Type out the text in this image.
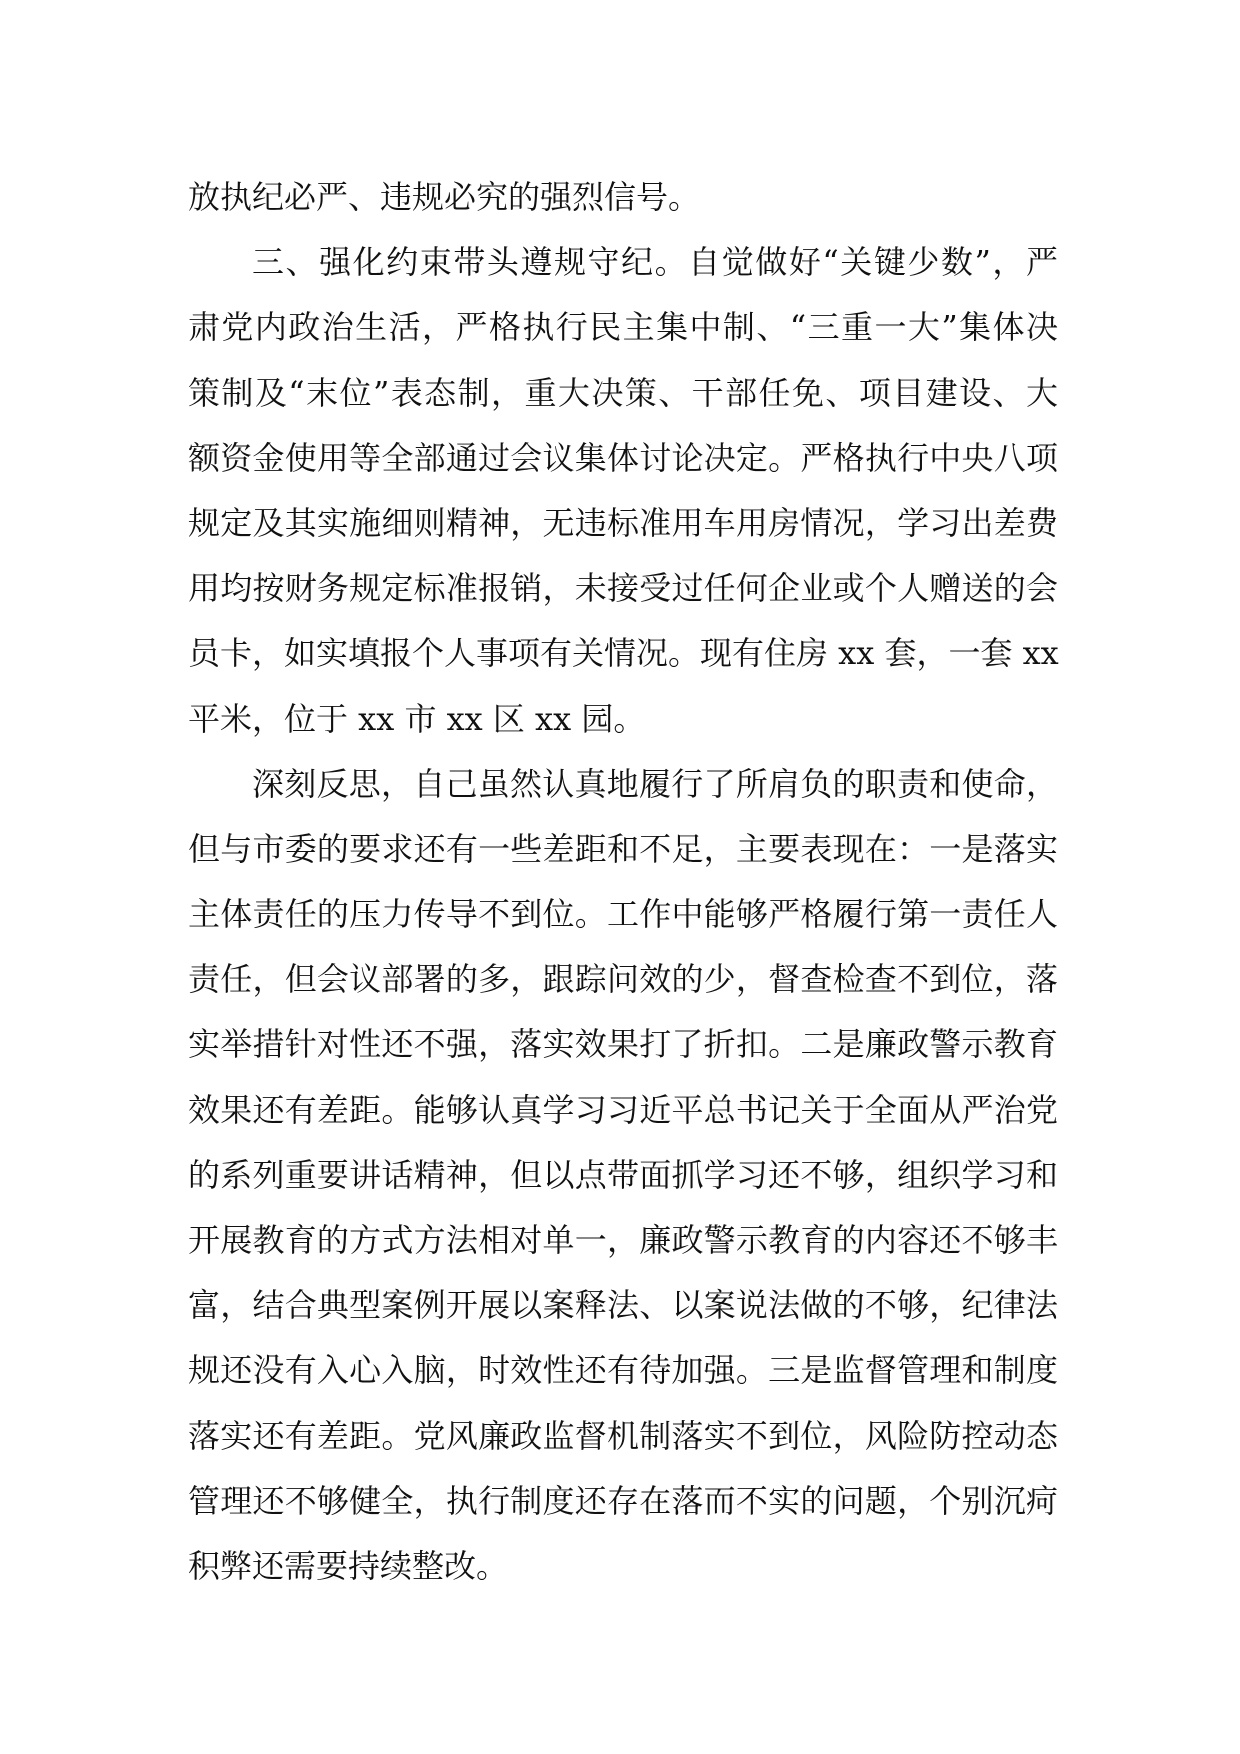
放执纪必严、违规必究的强烈信号。
三、强化约束带头遵规守纪。自觉做好“关键少数”，严
肃党内政治生活，严格执行民主集中制、“三重一大”集体决
策制及“末位”表态制，重大决策、干部任免、项目建设、大
额资金使用等全部通过会议集体讨论决定。严格执行中央八项
规定及其实施细则精神，无违标准用车用房情况，学习出差费
用均按财务规定标准报销，未接受过任何企业或个人赠送的会
员卡，如实填报个人事项有关情况。现有住房 xx 套，一套 xx
平米，位于 xx 市 xx 区 xx 园。
深刻反思，自己虽然认真地履行了所肩负的职责和使命，
但与市委的要求还有一些差距和不足，主要表现在：一是落实
主体责任的压力传导不到位。工作中能够严格履行第一责任人
责任，但会议部署的多，跟踪问效的少，督查检查不到位，落
实举措针对性还不强，落实效果打了折扣。二是廉政警示教育
效果还有差距。能够认真学习习近平总书记关于全面从严治党
的系列重要讲话精神，但以点带面抓学习还不够，组织学习和
开展教育的方式方法相对单一，廉政警示教育的内容还不够丰
富，结合典型案例开展以案释法、以案说法做的不够，纪律法
规还没有入心入脑，时效性还有待加强。三是监督管理和制度
落实还有差距。党风廉政监督机制落实不到位，风险防控动态
管理还不够健全，执行制度还存在落而不实的问题，个别沉疴
积弊还需要持续整改。
